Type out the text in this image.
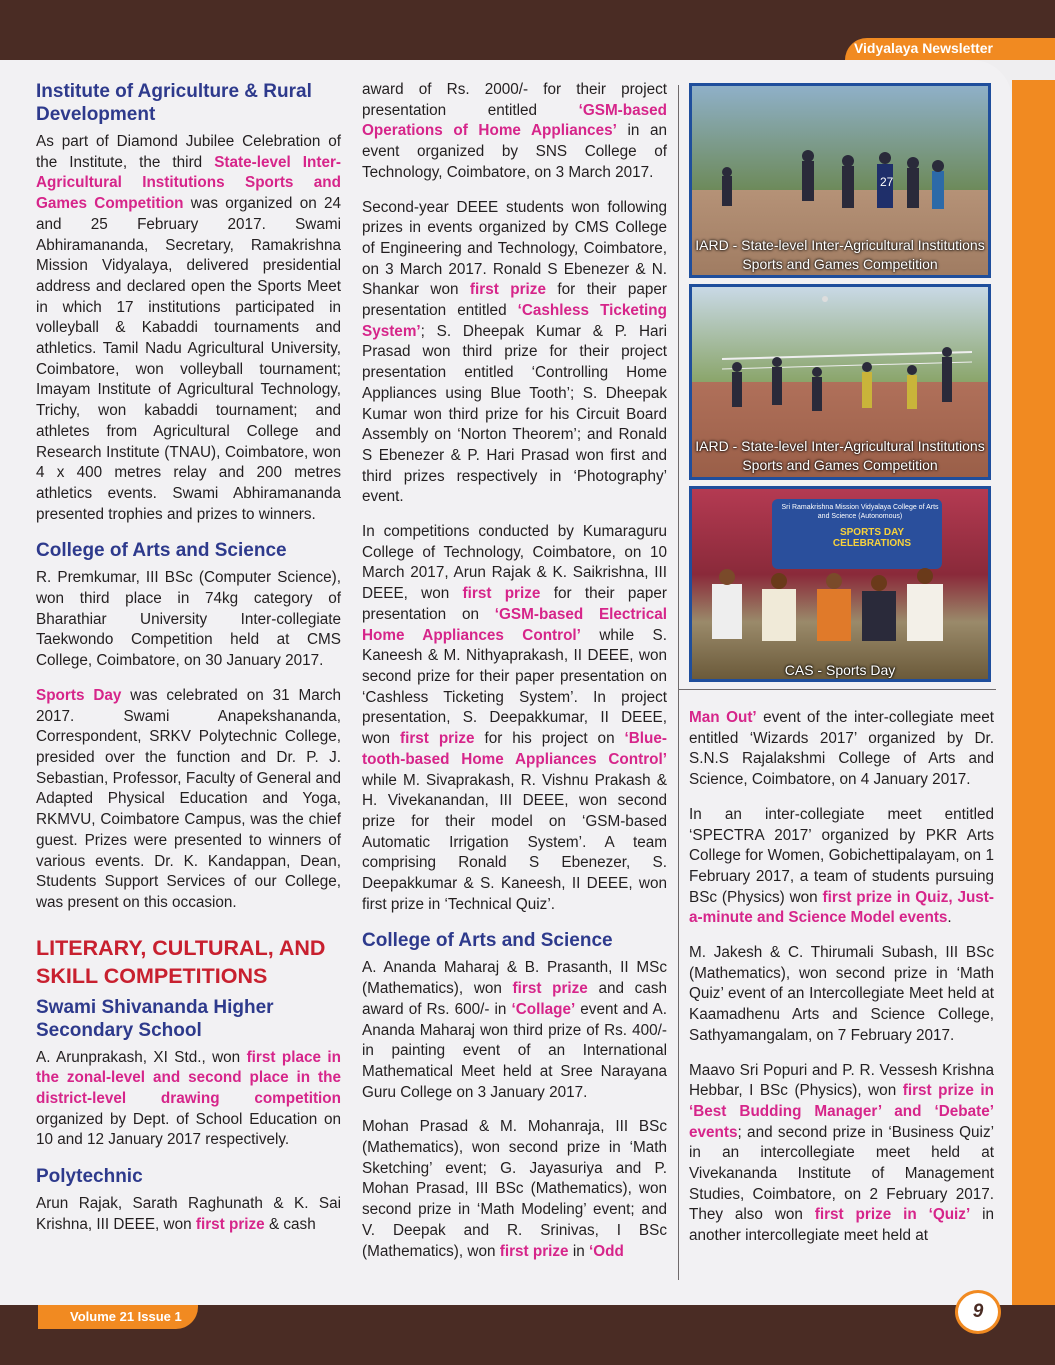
Vidyalaya Newsletter
Institute of Agriculture & Rural Development

As part of Diamond Jubilee Celebration of the Institute, the third State-level Inter-Agricultural Institutions Sports and Games Competition was organized on 24 and 25 February 2017. Swami Abhiramananda, Secretary, Ramakrishna Mission Vidyalaya, delivered presidential address and declared open the Sports Meet in which 17 institutions participated in volleyball & Kabaddi tournaments and athletics. Tamil Nadu Agricultural University, Coimbatore, won volleyball tournament; Imayam Institute of Agricultural Technology, Trichy, won kabaddi tournament; and athletes from Agricultural College and Research Institute (TNAU), Coimbatore, won 4 x 400 metres relay and 200 metres athletics events. Swami Abhiramananda presented trophies and prizes to winners.

College of Arts and Science

R. Premkumar, III BSc (Computer Science), won third place in 74kg category of Bharathiar University Inter-collegiate Taekwondo Competition held at CMS College, Coimbatore, on 30 January 2017.

Sports Day was celebrated on 31 March 2017. Swami Anapekshananda, Correspondent, SRKV Polytechnic College, presided over the function and Dr. P. J. Sebastian, Professor, Faculty of General and Adapted Physical Education and Yoga, RKMVU, Coimbatore Campus, was the chief guest. Prizes were presented to winners of various events. Dr. K. Kandappan, Dean, Students Support Services of our College, was present on this occasion.

LITERARY, CULTURAL, AND SKILL COMPETITIONS
Swami Shivananda Higher Secondary School

A. Arunprakash, XI Std., won first place in the zonal-level and second place in the district-level drawing competition organized by Dept. of School Education on 10 and 12 January 2017 respectively.

Polytechnic

Arun Rajak, Sarath Raghunath & K. Sai Krishna, III DEEE, won first prize & cash

award of Rs. 2000/- for their project presentation entitled ‘GSM-based Operations of Home Appliances’ in an event organized by SNS College of Technology, Coimbatore, on 3 March 2017.

Second-year DEEE students won following prizes in events organized by CMS College of Engineering and Technology, Coimbatore, on 3 March 2017. Ronald S Ebenezer & N. Shankar won first prize for their paper presentation entitled ‘Cashless Ticketing System’; S. Dheepak Kumar & P. Hari Prasad won third prize for their project presentation entitled ‘Controlling Home Appliances using Blue Tooth’; S. Dheepak Kumar won third prize for his Circuit Board Assembly on ‘Norton Theorem’; and Ronald S Ebenezer & P. Hari Prasad won first and third prizes respectively in ‘Photography’ event.

In competitions conducted by Kumaraguru College of Technology, Coimbatore, on 10 March 2017, Arun Rajak & K. Saikrishna, III DEEE, won first prize for their paper presentation on ‘GSM-based Electrical Home Appliances Control’ while S. Kaneesh & M. Nithyaprakash, II DEEE, won second prize for their paper presentation on ‘Cashless Ticketing System’. In project presentation, S. Deepakkumar, II DEEE, won first prize for his project on ‘Blue-tooth-based Home Appliances Control’ while M. Sivaprakash, R. Vishnu Prakash & H. Vivekanandan, III DEEE, won second prize for their model on ‘GSM-based Automatic Irrigation System’. A team comprising Ronald S Ebenezer, S. Deepakkumar & S. Kaneesh, II DEEE, won first prize in ‘Technical Quiz’.

College of Arts and Science

A. Ananda Maharaj & B. Prasanth, II MSc (Mathematics), won first prize and cash award of Rs. 600/- in ‘Collage’ event and A. Ananda Maharaj won third prize of Rs. 400/- in painting event of an International Mathematical Meet held at Sree Narayana Guru College on 3 January 2017.

Mohan Prasad & M. Mohanraja, III BSc (Mathematics), won second prize in ‘Math Sketching’ event; G. Jayasuriya and P. Mohan Prasad, III BSc (Mathematics), won second prize in ‘Math Modeling’ event; and V. Deepak and R. Srinivas, I BSc (Mathematics), won first prize in ‘Odd

27
IARD - State-level Inter-Agricultural Institutions Sports and Games Competition
IARD - State-level Inter-Agricultural Institutions Sports and Games Competition
Sri Ramakrishna Mission Vidyalaya College of Arts and Science (Autonomous)
SPORTS DAY CELEBRATIONS
CAS - Sports Day

Man Out’ event of the inter-collegiate meet entitled ‘Wizards 2017’ organized by Dr. S.N.S Rajalakshmi College of Arts and Science, Coimbatore, on 4 January 2017.

In an inter-collegiate meet entitled ‘SPECTRA 2017’ organized by PKR Arts College for Women, Gobichettipalayam, on 1 February 2017, a team of students pursuing BSc (Physics) won first prize in Quiz, Just-a-minute and Science Model events.

M. Jakesh & C. Thirumali Subash, III BSc (Mathematics), won second prize in ‘Math Quiz’ event of an Intercollegiate Meet held at Kaamadhenu Arts and Science College, Sathyamangalam, on 7 February 2017.

Maavo Sri Popuri and P. R. Vessesh Krishna Hebbar, I BSc (Physics), won first prize in ‘Best Budding Manager’ and ‘Debate’ events; and second prize in ‘Business Quiz’ in an intercollegiate meet held at Vivekananda Institute of Management Studies, Coimbatore, on 2 February 2017. They also won first prize in ‘Quiz’ in another intercollegiate meet held at

Volume 21 Issue 1	9
